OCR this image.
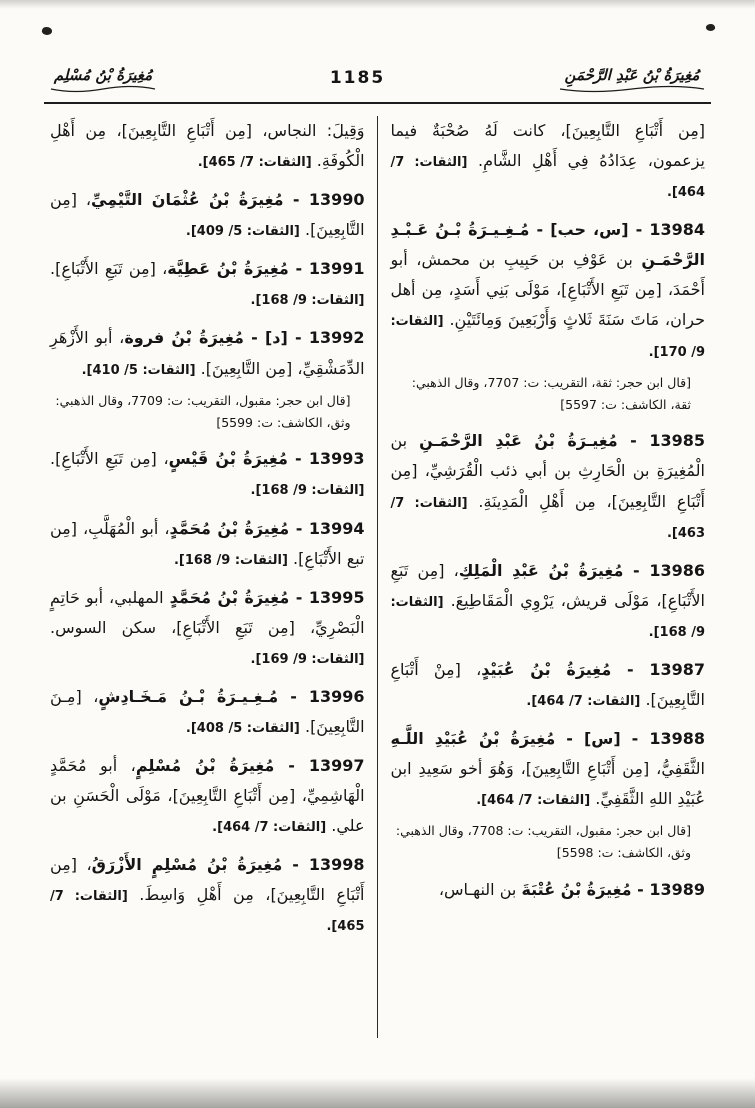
مُغِيرَةُ بْنُ عَبْدِ الرَّحْمَنِ
1185
مُغِيرَةُ بْنُ مُسْلِم

[مِن أَتْبَاعِ التَّابِعِينَ]، كانت لَهُ صُحْبَةٌ فيما يزعمون، عِدَادُهُ فِي أَهْلِ الشَّامِ. [الثقات: 7/ 464].

13984 - [س، حب] - مُـغِـيـرَةُ بْـنُ عَـبْـدِ الرَّحْمَـنِ بن عَوْفِ بن حَبِيبِ بن محمش، أبو أَحْمَدَ، [مِن تَبَعِ الأَتْبَاعِ]، مَوْلَى بَنِي أَسَدٍ، مِن أهل حران، مَاتَ سَنَةَ ثَلاثٍ وَأَرْبَعِينَ وَمِائَتَيْنِ. [الثقات: 9/ 170].

[قال ابن حجر: ثقة، التقريب: ت: 7707، وقال الذهبي: ثقة، الكاشف: ت: 5597]

13985 - مُغِيـرَةُ بْنُ عَبْدِ الرَّحْمَـنِ بن الْمُغِيرَةِ بن الْحَارِثِ بن أبي ذئب الْقُرَشِيِّ، [مِن أَتْبَاعِ التَّابِعِينَ]، مِن أَهْلِ الْمَدِينَةِ. [الثقات: 7/ 463].

13986 - مُغِيرَةُ بْنُ عَبْدِ الْمَلِكِ، [مِن تَبَعِ الأَتْبَاعِ]، مَوْلَى قريش، يَرْوِي الْمَقَاطِيعَ. [الثقات: 9/ 168].

13987 - مُغِيرَةُ بْنُ عُبَيْدٍ، [مِنْ أَتْبَاعِ التَّابِعِينَ]. [الثقات: 7/ 464].

13988 - [س] - مُغِيرَةُ بْنُ عُبَيْدِ اللَّـهِ الثَّقَفِيُّ، [مِن أَتْبَاعِ التَّابِعِينَ]، وَهُوَ أخو سَعِيدِ ابن عُبَيْدِ اللهِ الثَّقَفِيِّ. [الثقات: 7/ 464].

[قال ابن حجر: مقبول، التقريب: ت: 7708، وقال الذهبي: وثق، الكاشف: ت: 5598]

13989 - مُغِيرَةُ بْنُ عُتْبَةَ بن النهـاس،

وَقِيلَ: النجاس، [مِن أَتْبَاعِ التَّابِعِينَ]، مِن أَهْلِ الْكُوفَةِ. [الثقات: 7/ 465].

13990 - مُغِيرَةُ بْنُ عُثْمَانَ التَّيْمِيِّ، [مِن التَّابِعِينَ]. [الثقات: 5/ 409].

13991 - مُغِيرَةُ بْنُ عَطِيَّة، [مِن تَبَعِ الأَتْبَاعِ]. [الثقات: 9/ 168].

13992 - [د] - مُغِيرَةُ بْنُ فروة، أبو الأَزْهَرِ الدِّمَشْقِيِّ، [مِن التَّابِعِينَ]. [الثقات: 5/ 410].

[قال ابن حجر: مقبول، التقريب: ت: 7709، وقال الذهبي: وثق، الكاشف: ت: 5599]

13993 - مُغِيرَةُ بْنُ قَيْسٍ، [مِن تَبَعِ الأَتْبَاعِ]. [الثقات: 9/ 168].

13994 - مُغِيرَةُ بْنُ مُحَمَّدٍ، أبو الْمُهَلَّبِ، [مِن تبع الأَتْبَاعِ]. [الثقات: 9/ 168].

13995 - مُغِيرَةُ بْنُ مُحَمَّدٍ المهلبي، أبو حَاتِمٍ الْبَصْرِيِّ، [مِن تَبَعِ الأَتْبَاعِ]، سكن السوس. [الثقات: 9/ 169].

13996 - مُـغِـيـرَةُ بْـنُ مَـخَـادِشٍ، [مِـنَ التَّابِعِينَ]. [الثقات: 5/ 408].

13997 - مُغِيرَةُ بْنُ مُسْلِمٍ، أبو مُحَمَّدٍ الْهَاشِمِيِّ، [مِن أَتْبَاعِ التَّابِعِينَ]، مَوْلَى الْحَسَنِ بن علي. [الثقات: 7/ 464].

13998 - مُغِيرَةُ بْنُ مُسْلِمٍ الأَزْرَقُ، [مِن أَتْبَاعِ التَّابِعِينَ]، مِن أَهْلِ وَاسِطَ. [الثقات: 7/ 465].
